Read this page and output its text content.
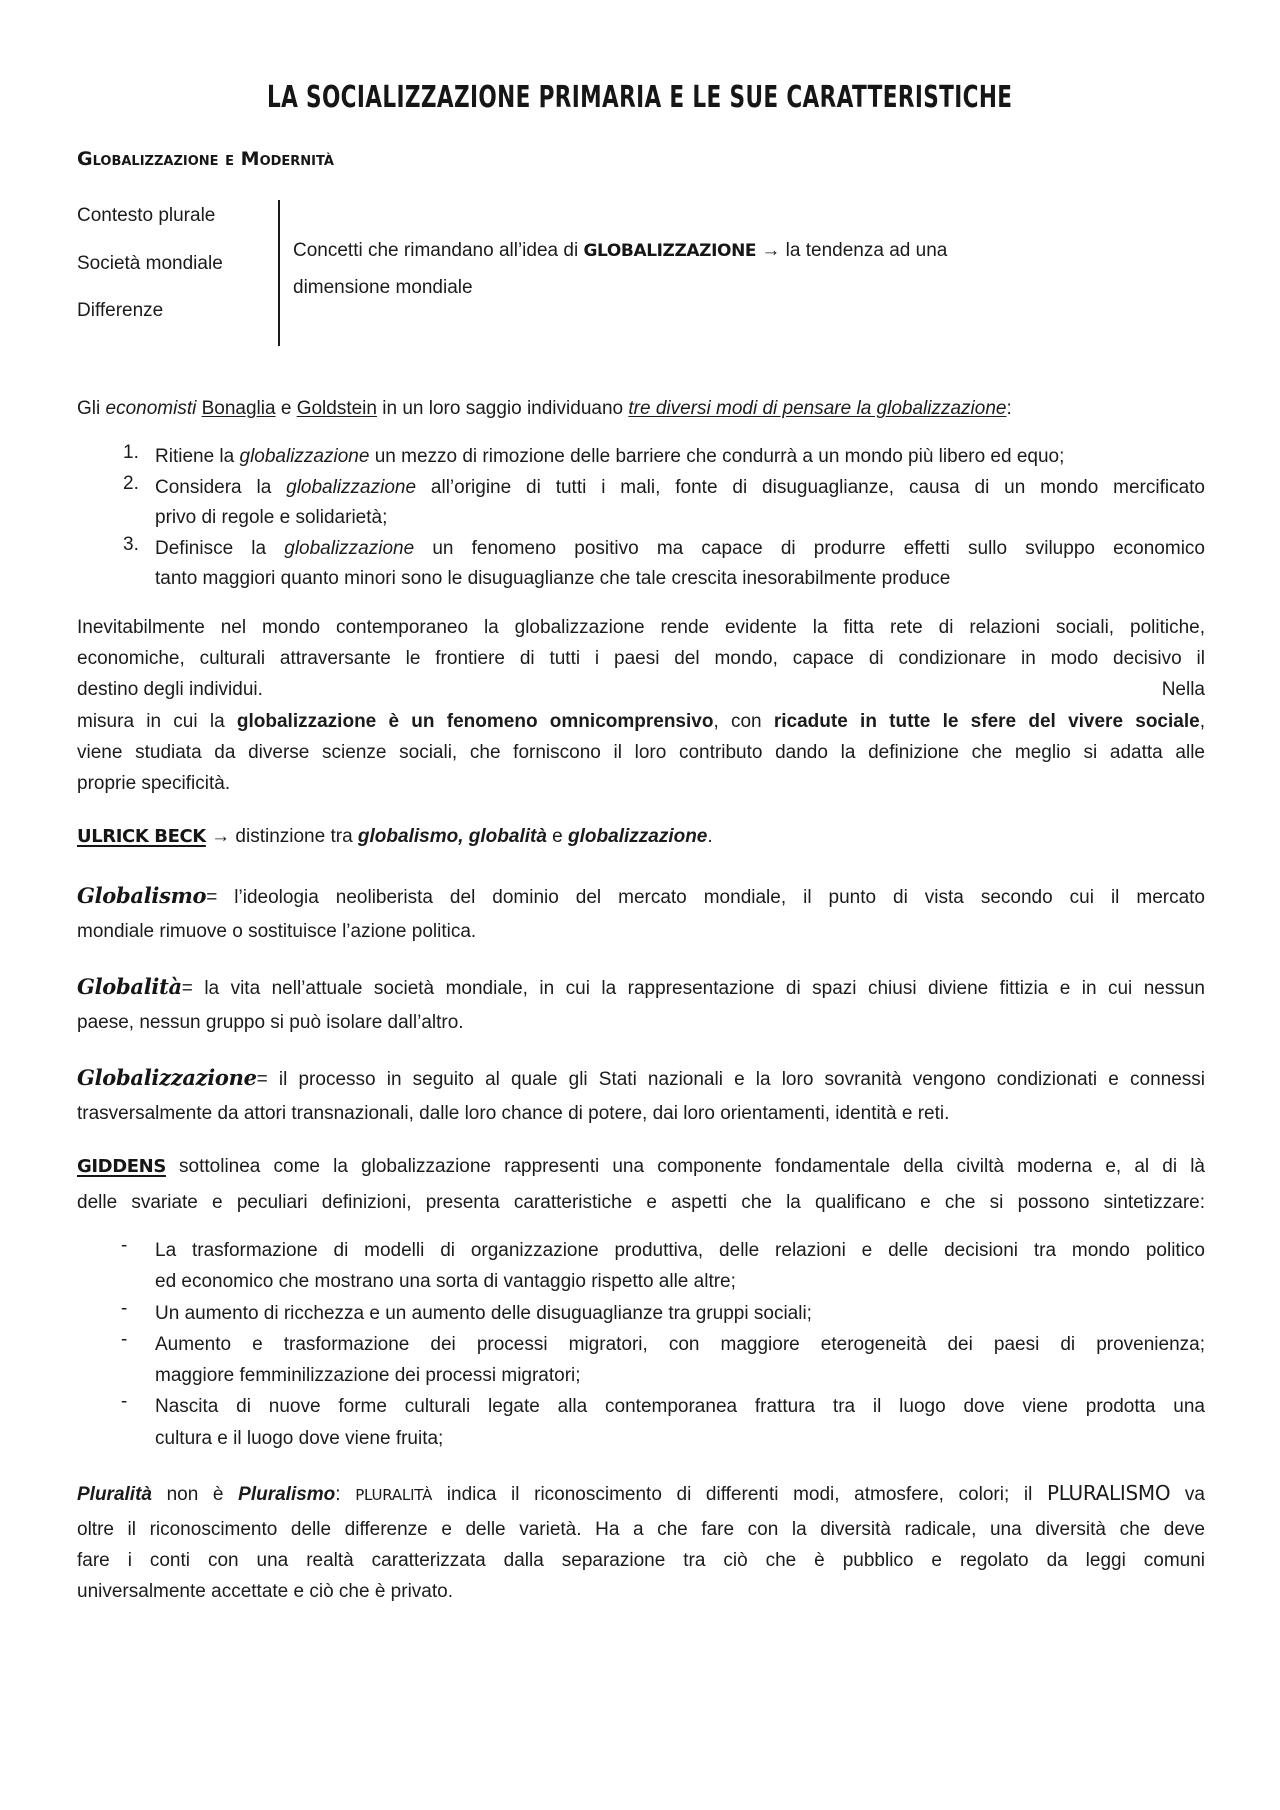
LA SOCIALIZZAZIONE PRIMARIA E LE SUE CARATTERISTICHE
Globalizzazione e Modernità
Contesto plurale
Società mondiale
Differenze
Concetti che rimandano all’idea di GLOBALIZZAZIONE → la tendenza ad una
dimensione mondiale
Gli economisti Bonaglia e Goldstein in un loro saggio individuano tre diversi modi di pensare la globalizzazione:
1. Ritiene la globalizzazione un mezzo di rimozione delle barriere che condurrà a un mondo più libero ed equo;
2. Considera la globalizzazione all’origine di tutti i mali, fonte di disuguaglianze, causa di un mondo mercificato
privo di regole e solidarietà;
3. Definisce la globalizzazione un fenomeno positivo ma capace di produrre effetti sullo sviluppo economico
tanto maggiori quanto minori sono le disuguaglianze che tale crescita inesorabilmente produce
Inevitabilmente nel mondo contemporaneo la globalizzazione rende evidente la fitta rete di relazioni sociali, politiche,
economiche, culturali attraversante le frontiere di tutti i paesi del mondo, capace di condizionare in modo decisivo il
destino degli individui.	Nella
misura in cui la globalizzazione è un fenomeno omnicomprensivo, con ricadute in tutte le sfere del vivere sociale,
viene studiata da diverse scienze sociali, che forniscono il loro contributo dando la definizione che meglio si adatta alle
proprie specificità.
ULRICK BECK → distinzione tra globalismo, globalità e globalizzazione.
Globalismo= l’ideologia neoliberista del dominio del mercato mondiale, il punto di vista secondo cui il mercato
mondiale rimuove o sostituisce l’azione politica.
Globalità= la vita nell’attuale società mondiale, in cui la rappresentazione di spazi chiusi diviene fittizia e in cui nessun
paese, nessun gruppo si può isolare dall’altro.
Globalizzazione= il processo in seguito al quale gli Stati nazionali e la loro sovranità vengono condizionati e connessi
trasversalmente da attori transnazionali, dalle loro chance di potere, dai loro orientamenti, identità e reti.
GIDDENS sottolinea come la globalizzazione rappresenti una componente fondamentale della civiltà moderna e, al di là
delle svariate e peculiari definizioni, presenta caratteristiche e aspetti che la qualificano e che si possono sintetizzare:
- La trasformazione di modelli di organizzazione produttiva, delle relazioni e delle decisioni tra mondo politico
ed economico che mostrano una sorta di vantaggio rispetto alle altre;
- Un aumento di ricchezza e un aumento delle disuguaglianze tra gruppi sociali;
- Aumento e trasformazione dei processi migratori, con maggiore eterogeneità dei paesi di provenienza;
maggiore femminilizzazione dei processi migratori;
- Nascita di nuove forme culturali legate alla contemporanea frattura tra il luogo dove viene prodotta una
cultura e il luogo dove viene fruita;
Pluralità non è Pluralismo: PLURALITÀ indica il riconoscimento di differenti modi, atmosfere, colori; il PLURALISMO va
oltre il riconoscimento delle differenze e delle varietà. Ha a che fare con la diversità radicale, una diversità che deve
fare i conti con una realtà caratterizzata dalla separazione tra ciò che è pubblico e regolato da leggi comuni
universalmente accettate e ciò che è privato.
